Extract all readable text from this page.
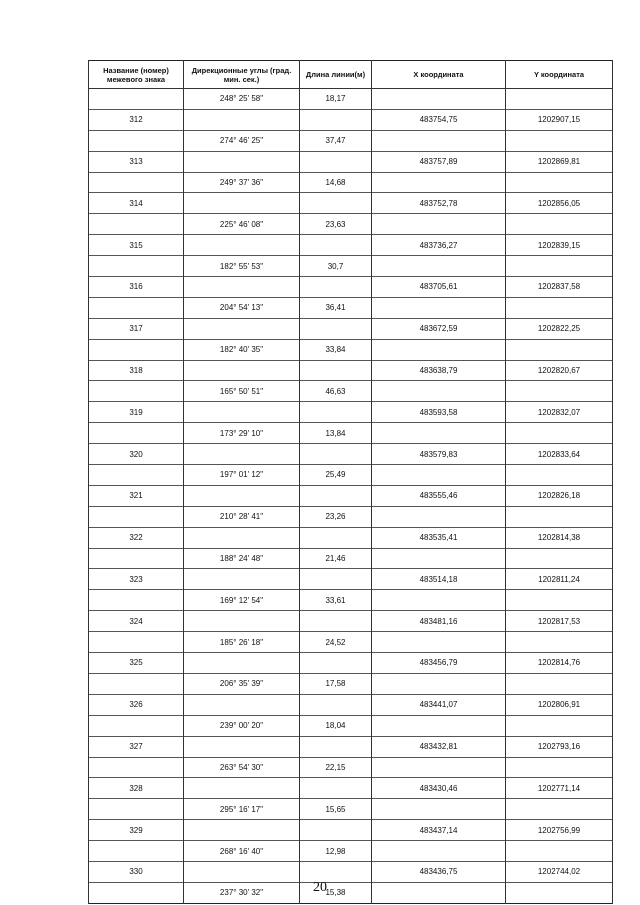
Название (номер) межевого знака	Дирекционные углы (град. мин. сек.)	Длина линии(м)	X координата	Y координата
	248° 25' 58"	18,17		
312			483754,75	1202907,15
	274° 46' 25"	37,47		
313			483757,89	1202869,81
	249° 37' 36"	14,68		
314			483752,78	1202856,05
	225° 46' 08"	23,63		
315			483736,27	1202839,15
	182° 55' 53"	30,7		
316			483705,61	1202837,58
	204° 54' 13"	36,41		
317			483672,59	1202822,25
	182° 40' 35"	33,84		
318			483638,79	1202820,67
	165° 50' 51"	46,63		
319			483593,58	1202832,07
	173° 29' 10"	13,84		
320			483579,83	1202833,64
	197° 01' 12"	25,49		
321			483555,46	1202826,18
	210° 28' 41"	23,26		
322			483535,41	1202814,38
	188° 24' 48"	21,46		
323			483514,18	1202811,24
	169° 12' 54"	33,61		
324			483481,16	1202817,53
	185° 26' 18"	24,52		
325			483456,79	1202814,76
	206° 35' 39"	17,58		
326			483441,07	1202806,91
	239° 00' 20"	18,04		
327			483432,81	1202793,16
	263° 54' 30"	22,15		
328			483430,46	1202771,14
	295° 16' 17"	15,65		
329			483437,14	1202756,99
	268° 16' 40"	12,98		
330			483436,75	1202744,02
	237° 30' 32"	15,38		
20
